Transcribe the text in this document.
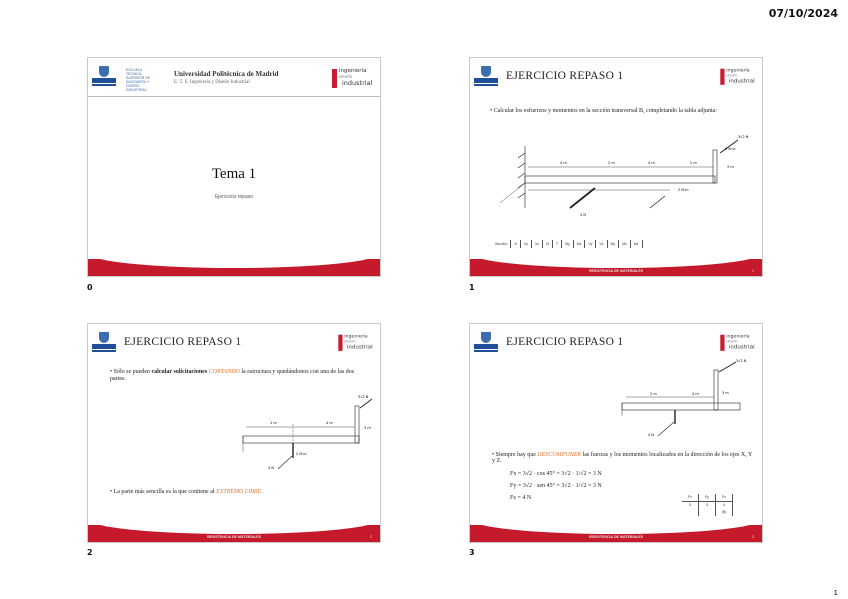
07/10/2024
ESCUELA TÉCNICA SUPERIOR DE INGENIERÍA Y DISEÑO INDUSTRIAL
Universidad Politécnica de Madrid
E. T. S. Ingeniería y Diseño Industrial
ingeniería
diseño
industrial
Tema 1
Ejercicios repaso
0
EJERCICIO REPASO 1	ingeniería
diseño
industrial
• Calcular los esfuerzos y momentos en la sección transversal B, completando la tabla adjunta:
4 m	2 m	4 m	2 m
3 m
3√2 N
4 N
2 N·m
5 N·m
Sección	N	Vy	Vz	M	T	My	Mz	Vy	Vz	My	Mz	Mz
RESISTENCIA DE MATERIALES	1
1
EJERCICIO REPASO 1	ingeniería
diseño
industrial
• Sólo se pueden calcular solicitaciones CORTANDO la estructura y quedándonos con una de las dos partes.
2 m	4 m
3 m
3√2 N
4 N
2 N·m
• La parte más sencilla es la que contiene al EXTREMO LIBRE.
RESISTENCIA DE MATERIALES	2
2
EJERCICIO REPASO 1	ingeniería
diseño
industrial
2 m	4 m	3 m
3√2 N
4 N
• Siempre hay que DESCOMPONER las fuerzas y los momentos localizados en la dirección de los ejes X, Y y Z.
Fx = 3√2 · cos 45° = 3√2 · 1/√2 = 3 N
Fy = 3√2 · sen 45° = 3√2 · 1/√2 = 3 N
Fz = 4 N	Fx	Fy	Fz
3	3	4
(N)
RESISTENCIA DE MATERIALES	3
3
1
